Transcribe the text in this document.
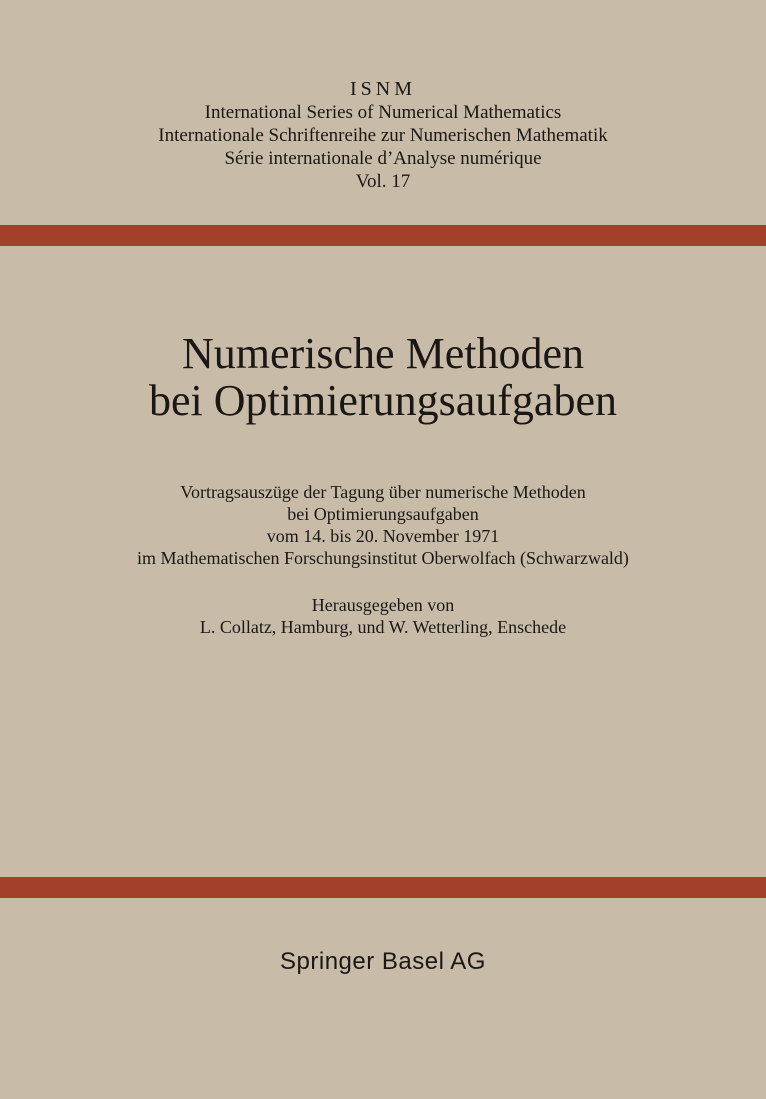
ISNM
International Series of Numerical Mathematics
Internationale Schriftenreihe zur Numerischen Mathematik
Série internationale d’Analyse numérique
Vol. 17
Numerische Methoden
bei Optimierungsaufgaben
Vortragsauszüge der Tagung über numerische Methoden
bei Optimierungsaufgaben
vom 14. bis 20. November 1971
im Mathematischen Forschungsinstitut Oberwolfach (Schwarzwald)
Herausgegeben von
L. Collatz, Hamburg, und W. Wetterling, Enschede
Springer Basel AG
